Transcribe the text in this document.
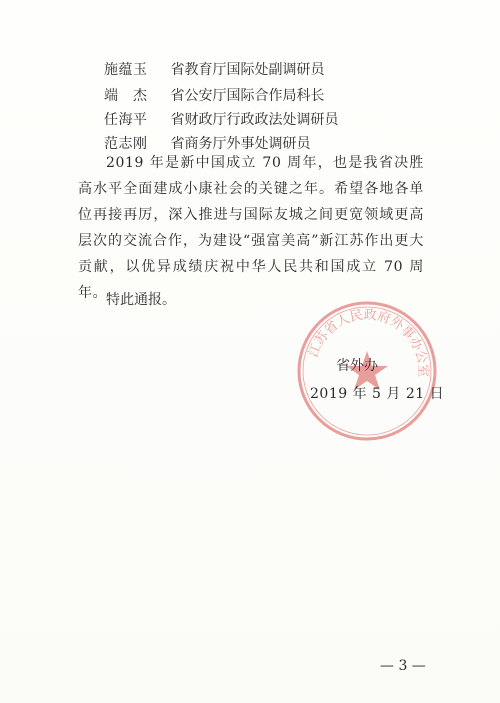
施蕴玉 省教育厅国际处副调研员
端　杰 省公安厅国际合作局科长
任海平 省财政厅行政政法处调研员
范志刚 省商务厅外事处调研员

2019 年是新中国成立 70 周年，也是我省决胜高水平全面建成小康社会的关键之年。希望各地各单位再接再厉，深入推进与国际友城之间更宽领域更高层次的交流合作，为建设“强富美高”新江苏作出更大贡献，以优异成绩庆祝中华人民共和国成立 70 周年。

特此通报。

江苏省人民政府外事办公室
省外办
2019 年 5 月 21 日
— 3 —
